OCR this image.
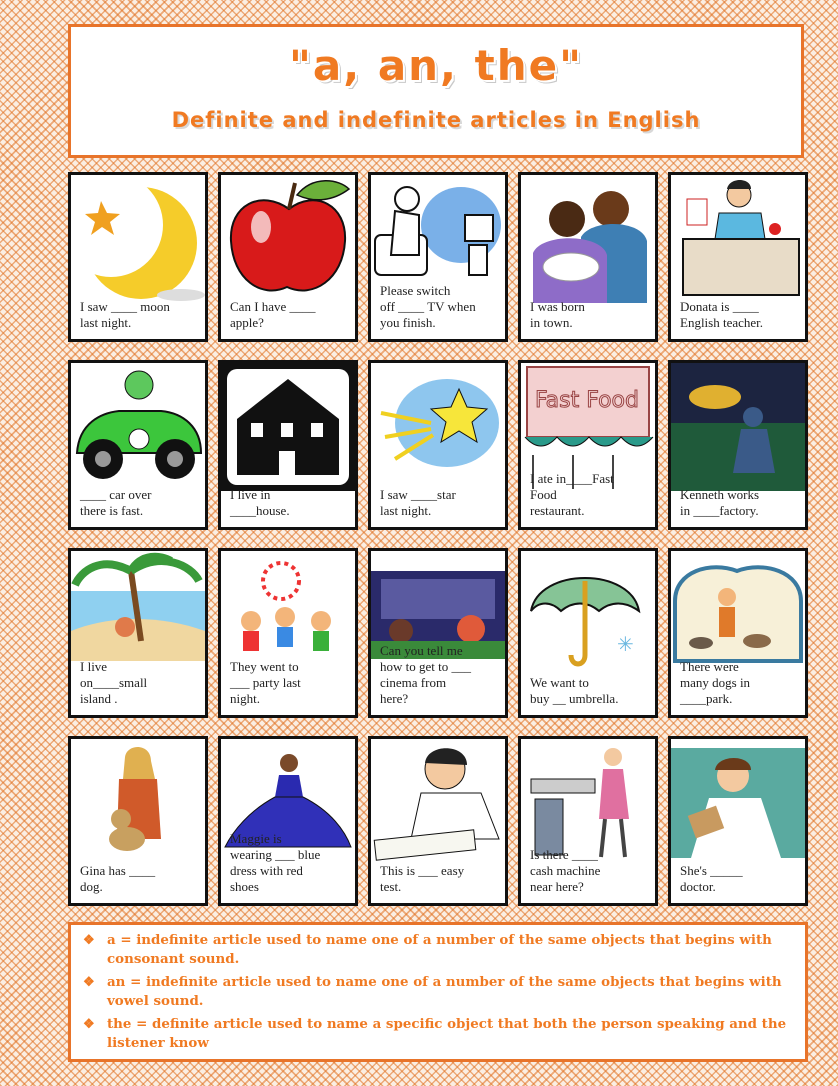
"a, an, the"
Definite and indefinite articles in English
I saw ____ moon
last night.
Can I have ____
apple?
Please switch
off ____ TV when
you finish.
I was born
in town.
Donata is ____
English teacher.
____ car over
there is fast.
I live in
____house.
I saw ____star
last night.
Fast Food
I ate in____Fast
Food
restaurant.
Kenneth works
in ____factory.
I live
on____small
island .
They went to
___ party last
night.
Can you tell me
how to get to ___
cinema from
here?
✳
We want to
buy __ umbrella.
There were
many dogs in
____park.
Gina has ____
dog.
Maggie is
wearing ___ blue
dress with red
shoes
This is ___ easy
test.
Is there ____
cash machine
near here?
She's _____
doctor.
❖ a = indefinite article used to name one of a number of the same objects that begins with consonant sound.
❖ an = indefinite article used to name one of a number of the same objects that begins with vowel sound.
❖ the = definite article used to name a specific object that both the person speaking and the listener know
